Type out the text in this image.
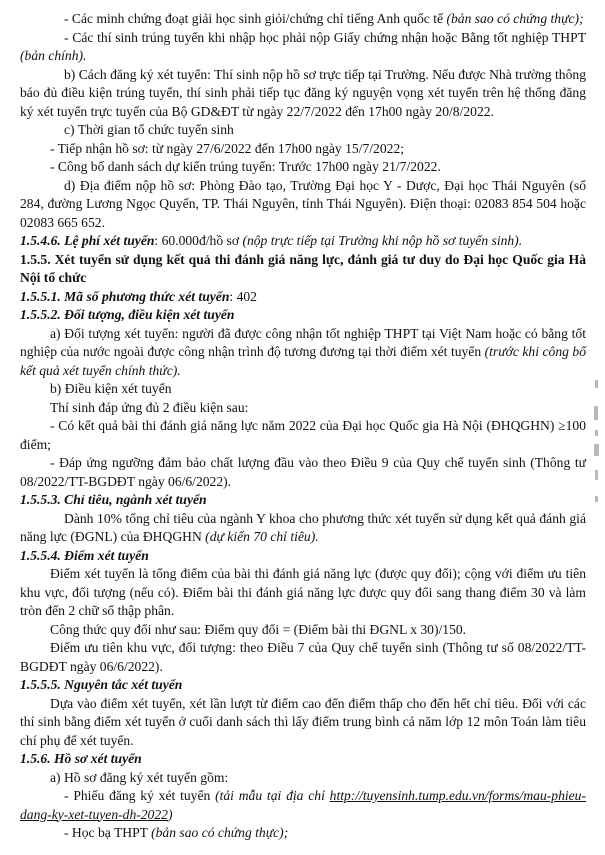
- Các minh chứng đoạt giải học sinh giỏi/chứng chỉ tiếng Anh quốc tế (bản sao có chứng thực);

- Các thí sinh trúng tuyển khi nhập học phải nộp Giấy chứng nhận hoặc Bằng tốt nghiệp THPT (bản chính).

b) Cách đăng ký xét tuyển: Thí sinh nộp hồ sơ trực tiếp tại Trường. Nếu được Nhà trường thông báo đủ điều kiện trúng tuyển, thí sinh phải tiếp tục đăng ký nguyện vọng xét tuyển trên hệ thống đăng ký xét tuyển trực tuyến của Bộ GD&ĐT từ ngày 22/7/2022 đến 17h00 ngày 20/8/2022.

c) Thời gian tổ chức tuyển sinh

- Tiếp nhận hồ sơ: từ ngày 27/6/2022 đến 17h00 ngày 15/7/2022;

- Công bố danh sách dự kiến trúng tuyển: Trước 17h00 ngày 21/7/2022.

d) Địa điểm nộp hồ sơ: Phòng Đào tạo, Trường Đại học Y - Dược, Đại học Thái Nguyên (số 284, đường Lương Ngọc Quyến, TP. Thái Nguyên, tỉnh Thái Nguyên). Điện thoại: 02083 854 504 hoặc 02083 665 652.

1.5.4.6. Lệ phí xét tuyển: 60.000đ/hồ sơ (nộp trực tiếp tại Trường khi nộp hồ sơ tuyển sinh).

1.5.5. Xét tuyển sử dụng kết quả thi đánh giá năng lực, đánh giá tư duy do Đại học Quốc gia Hà Nội tổ chức

1.5.5.1. Mã số phương thức xét tuyển: 402

1.5.5.2. Đối tượng, điều kiện xét tuyển

a) Đối tượng xét tuyển: người đã được công nhận tốt nghiệp THPT tại Việt Nam hoặc có bằng tốt nghiệp của nước ngoài được công nhận trình độ tương đương tại thời điểm xét tuyển (trước khi công bố kết quả xét tuyển chính thức).

b) Điều kiện xét tuyển

Thí sinh đáp ứng đủ 2 điều kiện sau:

- Có kết quả bài thi đánh giá năng lực năm 2022 của Đại học Quốc gia Hà Nội (ĐHQGHN) ≥100 điểm;

- Đáp ứng ngưỡng đảm bảo chất lượng đầu vào theo Điều 9 của Quy chế tuyển sinh (Thông tư 08/2022/TT-BGDĐT ngày 06/6/2022).

1.5.5.3. Chỉ tiêu, ngành xét tuyển

Dành 10% tổng chỉ tiêu của ngành Y khoa cho phương thức xét tuyển sử dụng kết quả đánh giá năng lực (ĐGNL) của ĐHQGHN (dự kiến 70 chỉ tiêu).

1.5.5.4. Điểm xét tuyển

Điểm xét tuyển là tổng điểm của bài thi đánh giá năng lực (được quy đổi); cộng với điểm ưu tiên khu vực, đối tượng (nếu có). Điểm bài thi đánh giá năng lực được quy đổi sang thang điểm 30 và làm tròn đến 2 chữ số thập phân.

Công thức quy đổi như sau: Điểm quy đổi = (Điểm bài thi ĐGNL x 30)/150.

Điểm ưu tiên khu vực, đối tượng: theo Điều 7 của Quy chế tuyển sinh (Thông tư số 08/2022/TT-BGDĐT ngày 06/6/2022).

1.5.5.5. Nguyên tắc xét tuyển

Dựa vào điểm xét tuyển, xét lần lượt từ điểm cao đến điểm thấp cho đến hết chỉ tiêu. Đối với các thí sinh bằng điểm xét tuyển ở cuối danh sách thì lấy điểm trung bình cả năm lớp 12 môn Toán làm tiêu chí phụ để xét tuyển.

1.5.6. Hồ sơ xét tuyển

a) Hồ sơ đăng ký xét tuyển gồm:

- Phiếu đăng ký xét tuyển (tải mẫu tại địa chỉ http://tuyensinh.tump.edu.vn/forms/mau-phieu-dang-ky-xet-tuyen-dh-2022)

- Học bạ THPT (bản sao có chứng thực);
